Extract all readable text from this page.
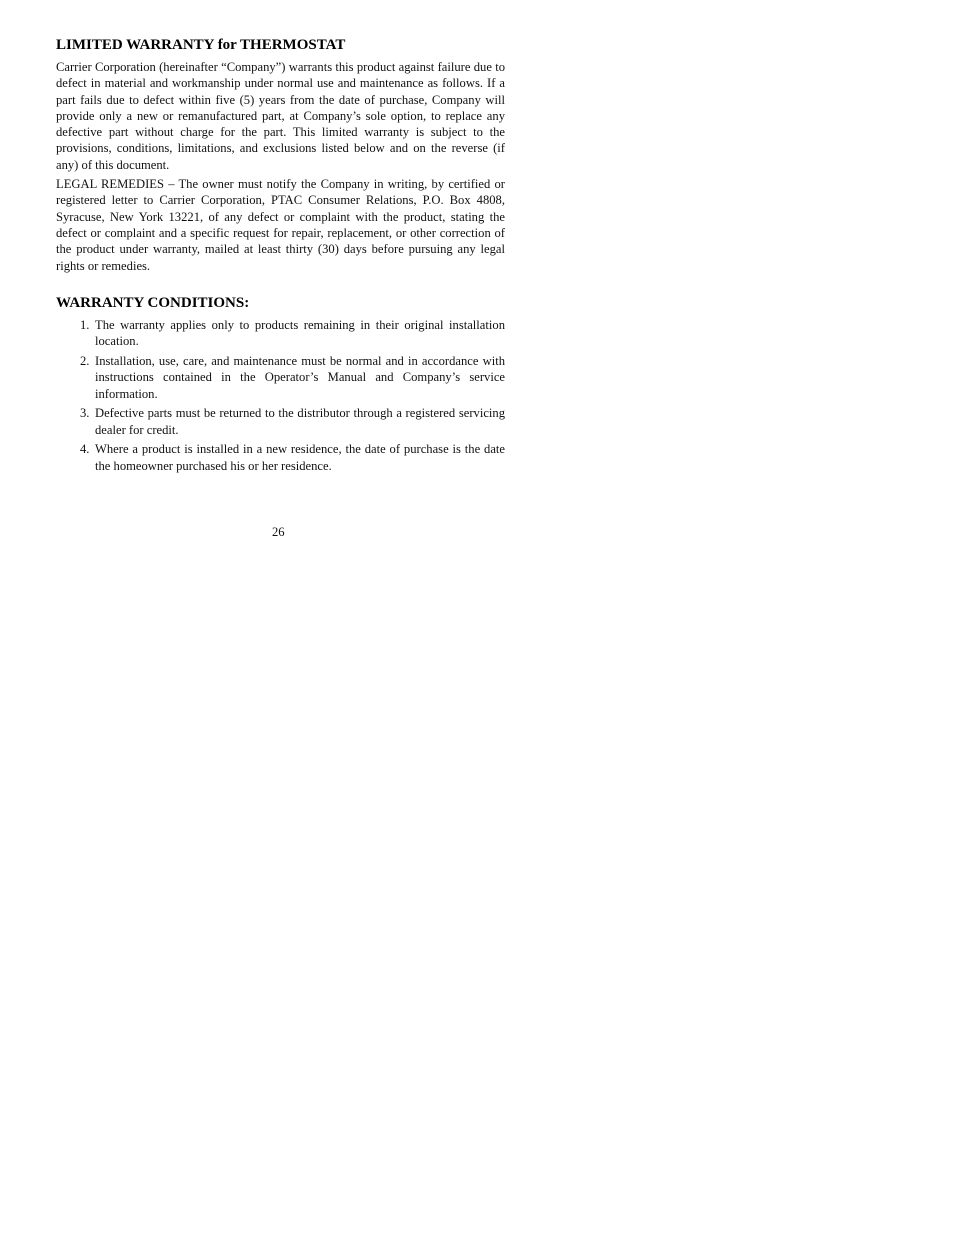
LIMITED WARRANTY for THERMOSTAT

Carrier Corporation (hereinafter “Company”) warrants this product against failure due to defect in material and workmanship under normal use and maintenance as follows. If a part fails due to defect within five (5) years from the date of purchase, Company will provide only a new or remanufactured part, at Company’s sole option, to replace any defective part without charge for the part. This limited warranty is subject to the provisions, conditions, limitations, and exclusions listed below and on the reverse (if any) of this document.

LEGAL REMEDIES – The owner must notify the Company in writing, by certified or registered letter to Carrier Corporation, PTAC Consumer Relations, P.O. Box 4808, Syracuse, New York 13221, of any defect or complaint with the product, stating the defect or complaint and a specific request for repair, replacement, or other correction of the product under warranty, mailed at least thirty (30) days before pursuing any legal rights or remedies.

WARRANTY CONDITIONS:
1. The warranty applies only to products remaining in their original installation location.
2. Installation, use, care, and maintenance must be normal and in accordance with instructions contained in the Operator’s Manual and Company’s service information.
3. Defective parts must be returned to the distributor through a registered servicing dealer for credit.
4. Where a product is installed in a new residence, the date of purchase is the date the homeowner purchased his or her residence.
26
